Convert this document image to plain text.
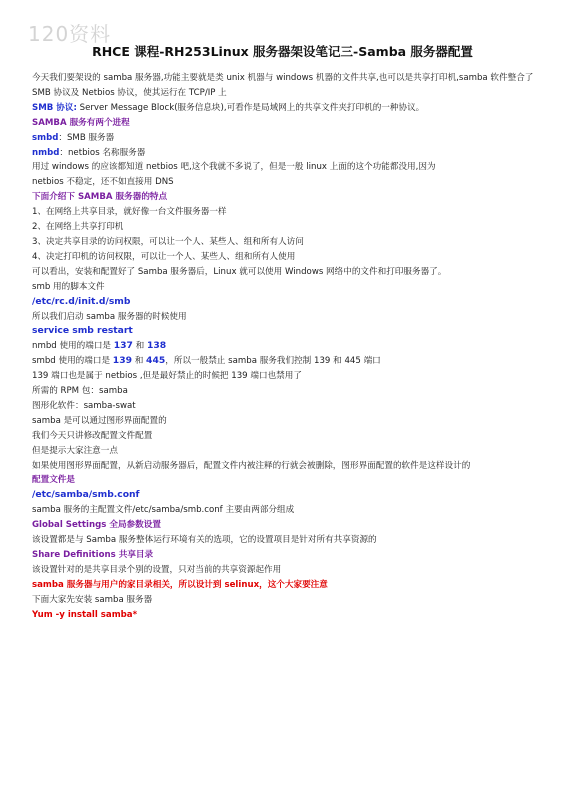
120资料
RHCE 课程-RH253Linux 服务器架设笔记三-Samba 服务器配置
今天我们要架设的 samba 服务器,功能主要就是类 unix 机器与 windows 机器的文件共享,也可以是共享打印机,samba 软件整合了 SMB 协议及 Netbios 协议，使其运行在 TCP/IP 上
SMB 协议: Server Message Block(服务信息块),可看作是局域网上的共享文件夹打印机的一种协议。
SAMBA 服务有两个进程
smbd：SMB 服务器
nmbd：netbios 名称服务器
用过 windows 的应该都知道 netbios 吧,这个我就不多说了，但是一般 linux 上面的这个功能都没用,因为
netbios 不稳定，还不如直接用 DNS
下面介绍下 SAMBA 服务器的特点
1、在网络上共享目录，就好像一台文件服务器一样
2、在网络上共享打印机
3、决定共享目录的访问权限，可以让一个人、某些人、组和所有人访问
4、决定打印机的访问权限，可以让一个人、某些人、组和所有人使用
可以看出，安装和配置好了 Samba 服务器后，Linux 就可以使用 Windows 网络中的文件和打印服务器了。
smb 用的脚本文件
/etc/rc.d/init.d/smb
所以我们启动 samba 服务器的时候使用
service smb restart
nmbd 使用的端口是 137 和 138
smbd 使用的端口是 139 和 445，所以一般禁止 samba 服务我们控制 139 和 445 端口
139 端口也是属于 netbios ,但是最好禁止的时候把 139 端口也禁用了
所需的 RPM 包：samba
图形化软件：samba-swat
samba 是可以通过图形界面配置的
我们今天只讲修改配置文件配置
但是提示大家注意一点
如果使用图形界面配置，从新启动服务器后，配置文件内被注释的行就会被删除，图形界面配置的软件是这样设计的
配置文件是
/etc/samba/smb.conf
samba 服务的主配置文件/etc/samba/smb.conf 主要由两部分组成
Global Settings 全局参数设置
该设置都是与 Samba 服务整体运行环境有关的选项，它的设置项目是针对所有共享资源的
Share Definitions 共享目录
该设置针对的是共享目录个别的设置，只对当前的共享资源起作用
samba 服务器与用户的家目录相关，所以设计到 selinux，这个大家要注意
下面大家先安装 samba 服务器
Yum -y install samba*
